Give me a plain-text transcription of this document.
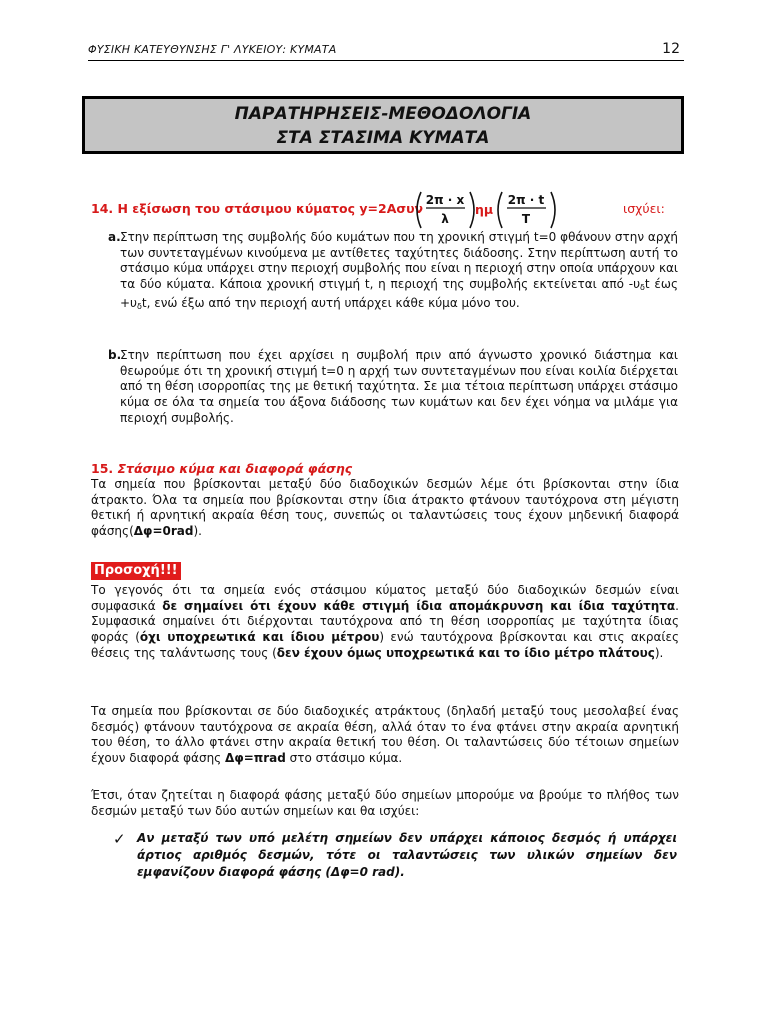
ΦΥΣΙΚΗ ΚΑΤΕΥΘΥΝΣΗΣ Γ' ΛΥΚΕΙΟΥ: ΚΥΜΑΤΑ	12
ΠΑΡΑΤΗΡΗΣΕΙΣ-ΜΕΘΟΔΟΛΟΓΙΑ
ΣΤΑ ΣΤΑΣΙΜΑ ΚΥΜΑΤΑ
14. Η εξίσωση του στάσιμου κύματος y=2Ασυν
2π · x
λ
ημ
2π · t
T
ισχύει:
a. Στην περίπτωση της συμβολής δύο κυμάτων που τη χρονική στιγμή t=0 φθάνουν στην αρχή των συντεταγμένων κινούμενα με αντίθετες ταχύτητες διάδοσης. Στην περίπτωση αυτή το στάσιμο κύμα υπάρχει στην περιοχή συμβολής που είναι η περιοχή στην οποία υπάρχουν και τα δύο κύματα. Κάποια χρονική στιγμή t, η περιοχή της συμβολής εκτείνεται από $-\upsilon_\delta t$ $έ\omega\varsigma +\upsilon_\delta t$, ενώ έξω από την περιοχή αυτή υπάρχει κάθε κύμα μόνο του.
b.
Στην περίπτωση που έχει αρχίσει η συμβολή πριν από άγνωστο χρονικό διάστημα και θεωρούμε ότι τη χρονική στιγμή t=0 η αρχή των συντεταγμένων που είναι κοιλία διέρχεται από τη θέση ισορροπίας της με θετική ταχύτητα. Σε μια τέτοια περίπτωση υπάρχει στάσιμο κύμα σε όλα τα σημεία του άξονα διάδοσης των κυμάτων και δεν έχει νόημα να μιλάμε για περιοχή συμβολής.
15. Στάσιμο κύμα και διαφορά φάσης
Τα σημεία που βρίσκονται μεταξύ δύο διαδοχικών δεσμών λέμε ότι βρίσκονται στην ίδια άτρακτο. Όλα τα σημεία που βρίσκονται στην ίδια άτρακτο φτάνουν ταυτόχρονα στη μέγιστη θετική ή αρνητική ακραία θέση τους, συνεπώς οι ταλαντώσεις τους έχουν μηδενική διαφορά φάσης(Δφ=0rad).
Προσοχή!!!
Το γεγονός ότι τα σημεία ενός στάσιμου κύματος μεταξύ δύο διαδοχικών δεσμών είναι συμφασικά δε σημαίνει ότι έχουν κάθε στιγμή ίδια απομάκρυνση και ίδια ταχύτητα. Συμφασικά σημαίνει ότι διέρχονται ταυτόχρονα από τη θέση ισορροπίας με ταχύτητα ίδιας φοράς (όχι υποχρεωτικά και ίδιου μέτρου) ενώ ταυτόχρονα βρίσκονται και στις ακραίες θέσεις της ταλάντωσης τους (δεν έχουν όμως υποχρεωτικά και το ίδιο μέτρο πλάτους).
Τα σημεία που βρίσκονται σε δύο διαδοχικές ατράκτους (δηλαδή μεταξύ τους μεσολαβεί ένας δεσμός) φτάνουν ταυτόχρονα σε ακραία θέση, αλλά όταν το ένα φτάνει στην ακραία αρνητική του θέση, το άλλο φτάνει στην ακραία θετική του θέση. Οι ταλαντώσεις δύο τέτοιων σημείων έχουν διαφορά φάσης Δφ=πrad στο στάσιμο κύμα.
Έτσι, όταν ζητείται η διαφορά φάσης μεταξύ δύο σημείων μπορούμε να βρούμε το πλήθος των δεσμών μεταξύ των δύο αυτών σημείων και θα ισχύει:
✓ Αν μεταξύ των υπό μελέτη σημείων δεν υπάρχει κάποιος δεσμός ή υπάρχει άρτιος αριθμός δεσμών, τότε οι ταλαντώσεις των υλικών σημείων δεν εμφανίζουν διαφορά φάσης (Δφ=0 rad).
